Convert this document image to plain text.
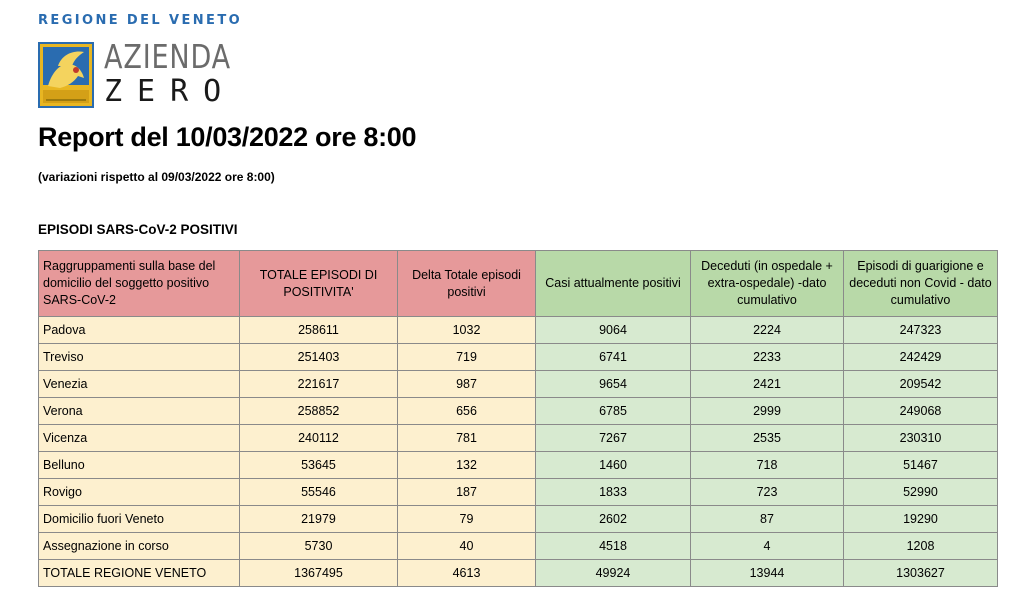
REGIONE DEL VENETO
AZIENDA
ZERO
Report del 10/03/2022 ore 8:00
(variazioni rispetto al 09/03/2022 ore 8:00)
EPISODI SARS-CoV-2 POSITIVI
Raggruppamenti sulla base del domicilio del soggetto positivo SARS-CoV-2	TOTALE EPISODI DI POSITIVITA'	Delta Totale episodi positivi	Casi attualmente positivi	Deceduti (in ospedale + extra-ospedale) -dato cumulativo	Episodi di guarigione e deceduti non Covid - dato cumulativo
Padova	258611	1032	9064	2224	247323
Treviso	251403	719	6741	2233	242429
Venezia	221617	987	9654	2421	209542
Verona	258852	656	6785	2999	249068
Vicenza	240112	781	7267	2535	230310
Belluno	53645	132	1460	718	51467
Rovigo	55546	187	1833	723	52990
Domicilio fuori Veneto	21979	79	2602	87	19290
Assegnazione in corso	5730	40	4518	4	1208
TOTALE REGIONE VENETO	1367495	4613	49924	13944	1303627
